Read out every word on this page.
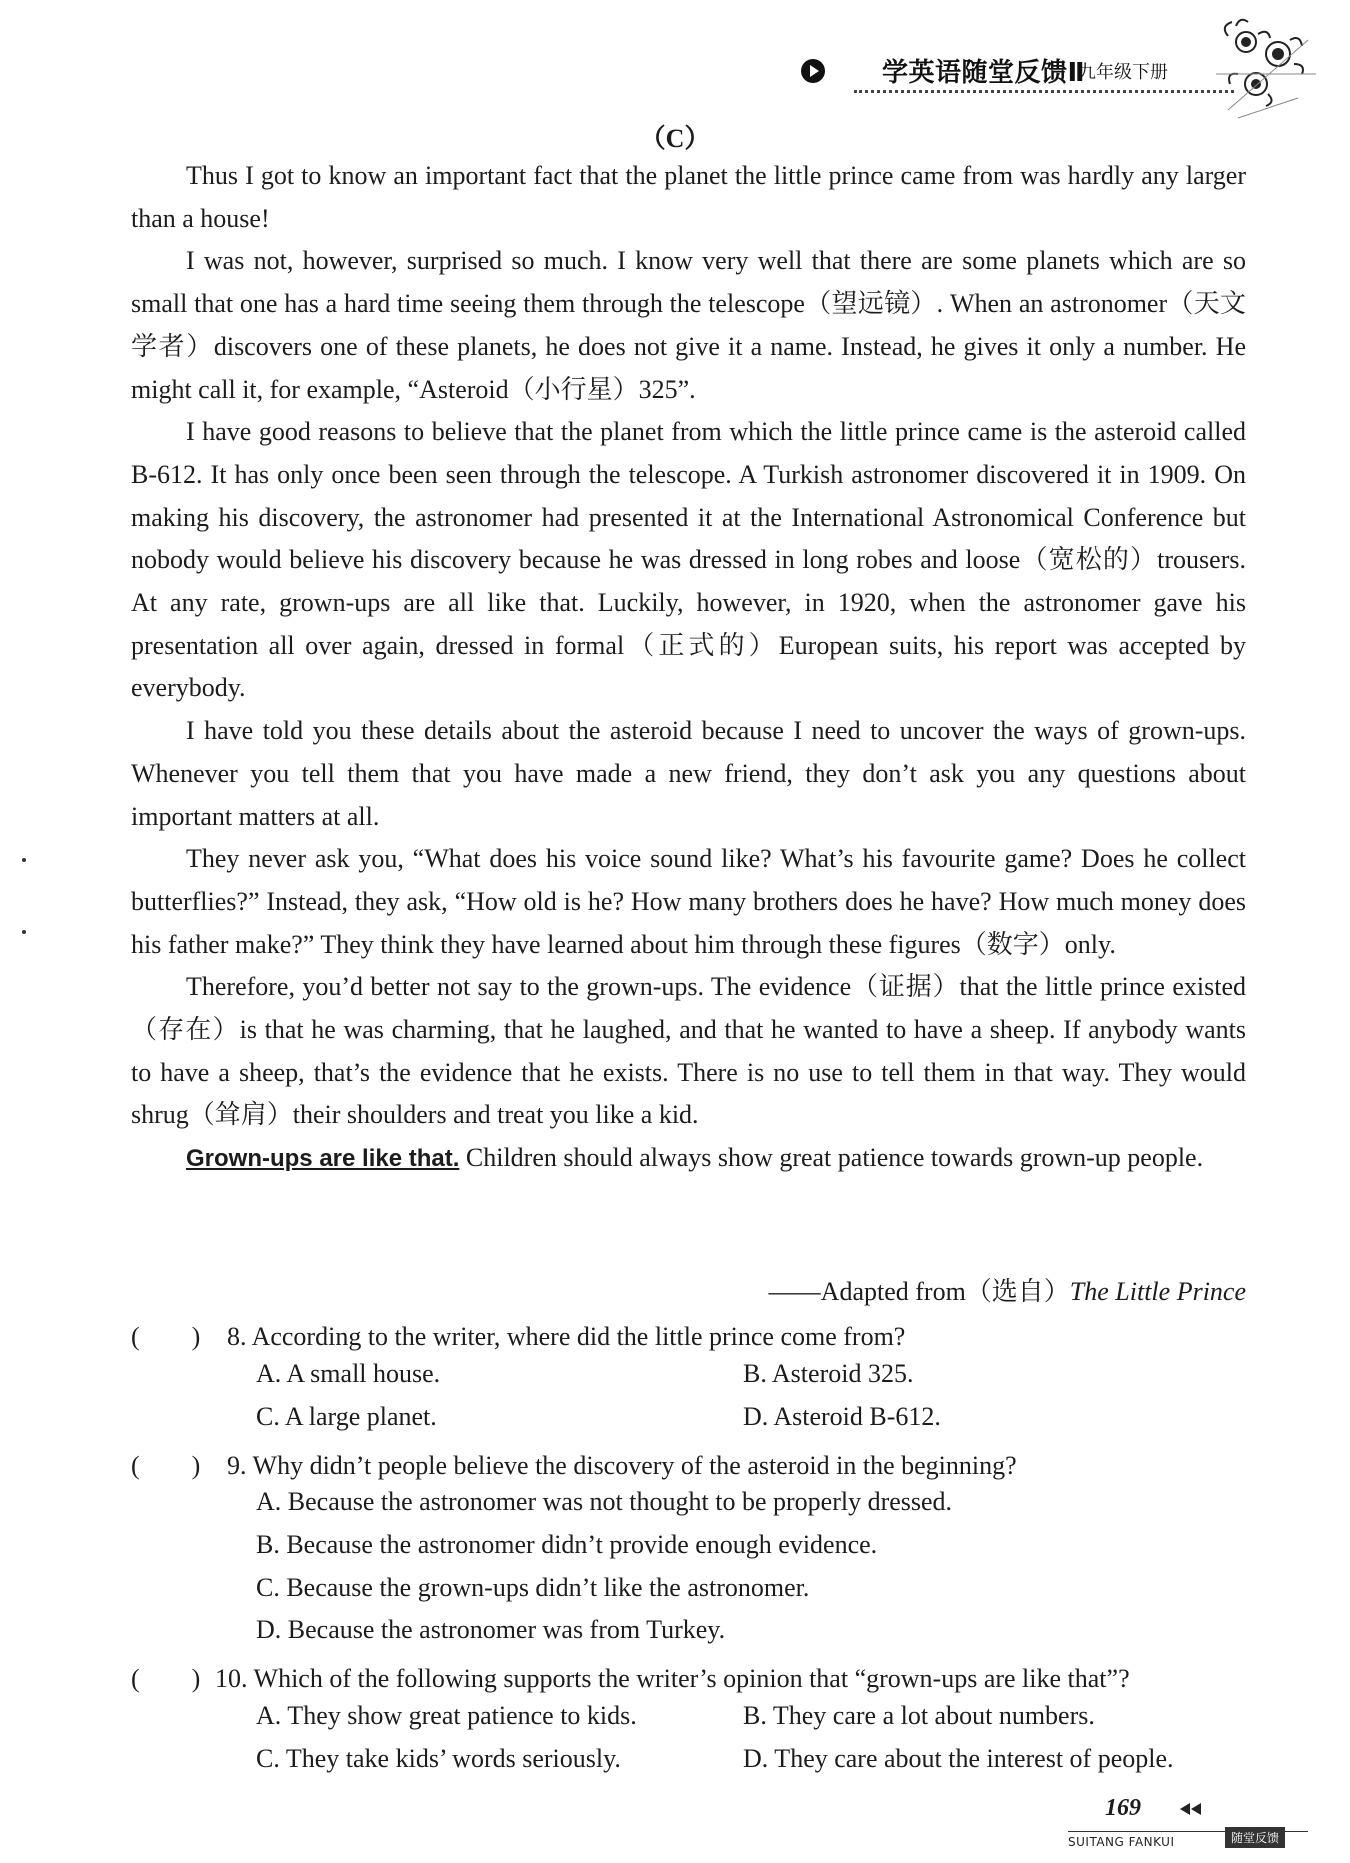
学英语随堂反馈Ⅱ
九年级下册
（C）

Thus I got to know an important fact that the planet the little prince came from was hardly any larger than a house!

I was not, however, surprised so much. I know very well that there are some planets which are so small that one has a hard time seeing them through the telescope（望远镜）. When an astronomer（天文学者）discovers one of these planets, he does not give it a name. Instead, he gives it only a number. He might call it, for example, “Asteroid（小行星）325”.

I have good reasons to believe that the planet from which the little prince came is the asteroid called B-612. It has only once been seen through the telescope. A Turkish astronomer discovered it in 1909. On making his discovery, the astronomer had presented it at the International Astronomical Conference but nobody would believe his discovery because he was dressed in long robes and loose（宽松的）trousers. At any rate, grown-ups are all like that. Luckily, however, in 1920, when the astronomer gave his presentation all over again, dressed in formal（正式的）European suits, his report was accepted by everybody.

I have told you these details about the asteroid because I need to uncover the ways of grown-ups. Whenever you tell them that you have made a new friend, they don’t ask you any questions about important matters at all.

They never ask you, “What does his voice sound like? What’s his favourite game? Does he collect butterflies?” Instead, they ask, “How old is he? How many brothers does he have? How much money does his father make?” They think they have learned about him through these figures（数字）only.

Therefore, you’d better not say to the grown-ups. The evidence（证据）that the little prince existed（存在）is that he was charming, that he laughed, and that he wanted to have a sheep. If anybody wants to have a sheep, that’s the evidence that he exists. There is no use to tell them in that way. They would shrug（耸肩）their shoulders and treat you like a kid.

Grown-ups are like that. Children should always show great patience towards grown-up people.

——Adapted from（选自）The Little Prince
(　　) 8. According to the writer, where did the little prince come from?
A. A small house.	B. Asteroid 325.
C. A large planet.	D. Asteroid B-612.
(　　) 9. Why didn’t people believe the discovery of the asteroid in the beginning?
A. Because the astronomer was not thought to be properly dressed.
B. Because the astronomer didn’t provide enough evidence.
C. Because the grown-ups didn’t like the astronomer.
D. Because the astronomer was from Turkey.
(　　) 10. Which of the following supports the writer’s opinion that “grown-ups are like that”?
A. They show great patience to kids.	B. They care a lot about numbers.
C. They take kids’ words seriously.	D. They care about the interest of people.
169
SUITANG FANKUI	随堂反馈
